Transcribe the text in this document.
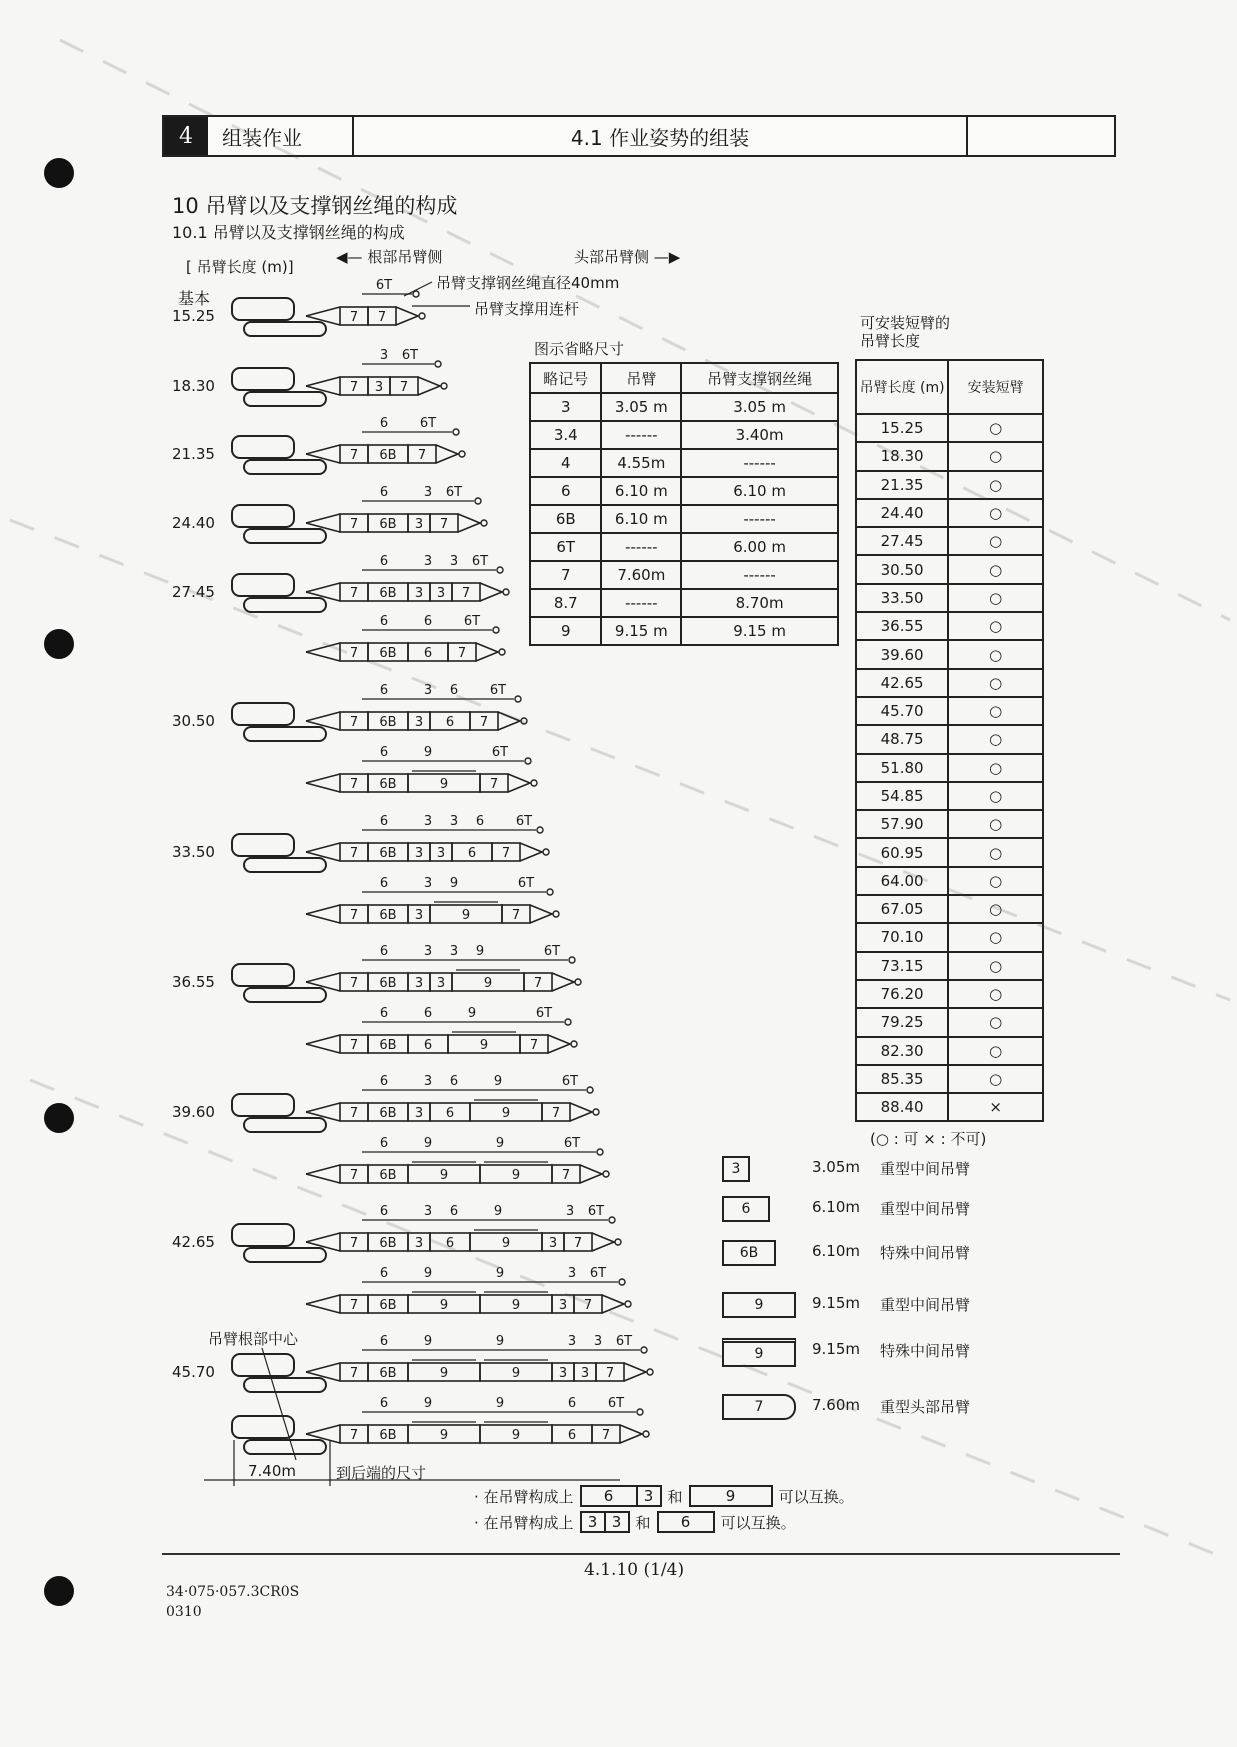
4	组装作业	4.1 作业姿势的组装
10 吊臂以及支撑钢丝绳的构成
10.1 吊臂以及支撑钢丝绳的构成
[ 吊臂长度 (m)]
◀— 根部吊臂侧	头部吊臂侧 —▶
吊臂支撑钢丝绳直径40mm
吊臂支撑用连杆
基本
15.25	7 7
6T
18.30	7 3 7
3 6T
21.35	7 6B 7
6 6T
24.40	7 6B 3 7
6	3 6T
27.45	7 6B 3 3 7
6	3 3 6T
7 6B 6 7
6	6 6T
30.50	7 6B 3 6 7
6	3 6 6T
7 6B	9	7
6	9	6T
33.50	7 6B 3 3 6 7
6	3 3 6 6T
7 6B 3	9	7
6	3 9	6T
36.55	7 6B 3 3	9	7
6	3 3 9	6T
7 6B 6	9	7
6	6	9	6T
39.60	7 6B 3 6	9	7
6	3 6	9	6T
7 6B	9	9	7
6	9	9	6T
42.65	7 6B 3 6	9	3 7
6	3 6	9	3 6T
7 6B	9	9	3 7
6	9	9	3 6T
45.70	7 6B	9	9	3 3 7
6	9	9	3 3 6T
7 6B	9	9	6 7
6	9	9	6 6T
吊臂根部中心
7.40m	到后端的尺寸
图示省略尺寸
略记号	吊臂	吊臂支撑钢丝绳
3	3.05 m	3.05 m
3.4	------	3.40m
4	4.55m	------
6	6.10 m	6.10 m
6B	6.10 m	------
6T	------	6.00 m
7	7.60m	------
8.7	------	8.70m
9	9.15 m	9.15 m
可安装短臂的
吊臂长度
吊臂长度 (m)	安装短臂
15.25	○
18.30	○
21.35	○
24.40	○
27.45	○
30.50	○
33.50	○
36.55	○
39.60	○
42.65	○
45.70	○
48.75	○
51.80	○
54.85	○
57.90	○
60.95	○
64.00	○
67.05	○
70.10	○
73.15	○
76.20	○
79.25	○
82.30	○
85.35	○
88.40	×
(○ : 可 × : 不可)
3	3.05m 重型中间吊臂
6	6.10m 重型中间吊臂
6B	6.10m 特殊中间吊臂
9	9.15m 重型中间吊臂
9	9.15m 特殊中间吊臂
7	7.60m 重型头部吊臂
· 在吊臂构成上	6	3 和	9	可以互换。
· 在吊臂构成上 3 3 和	6	可以互换。
4.1.10 (1/4)
34·075·057.3CR0S
0310
